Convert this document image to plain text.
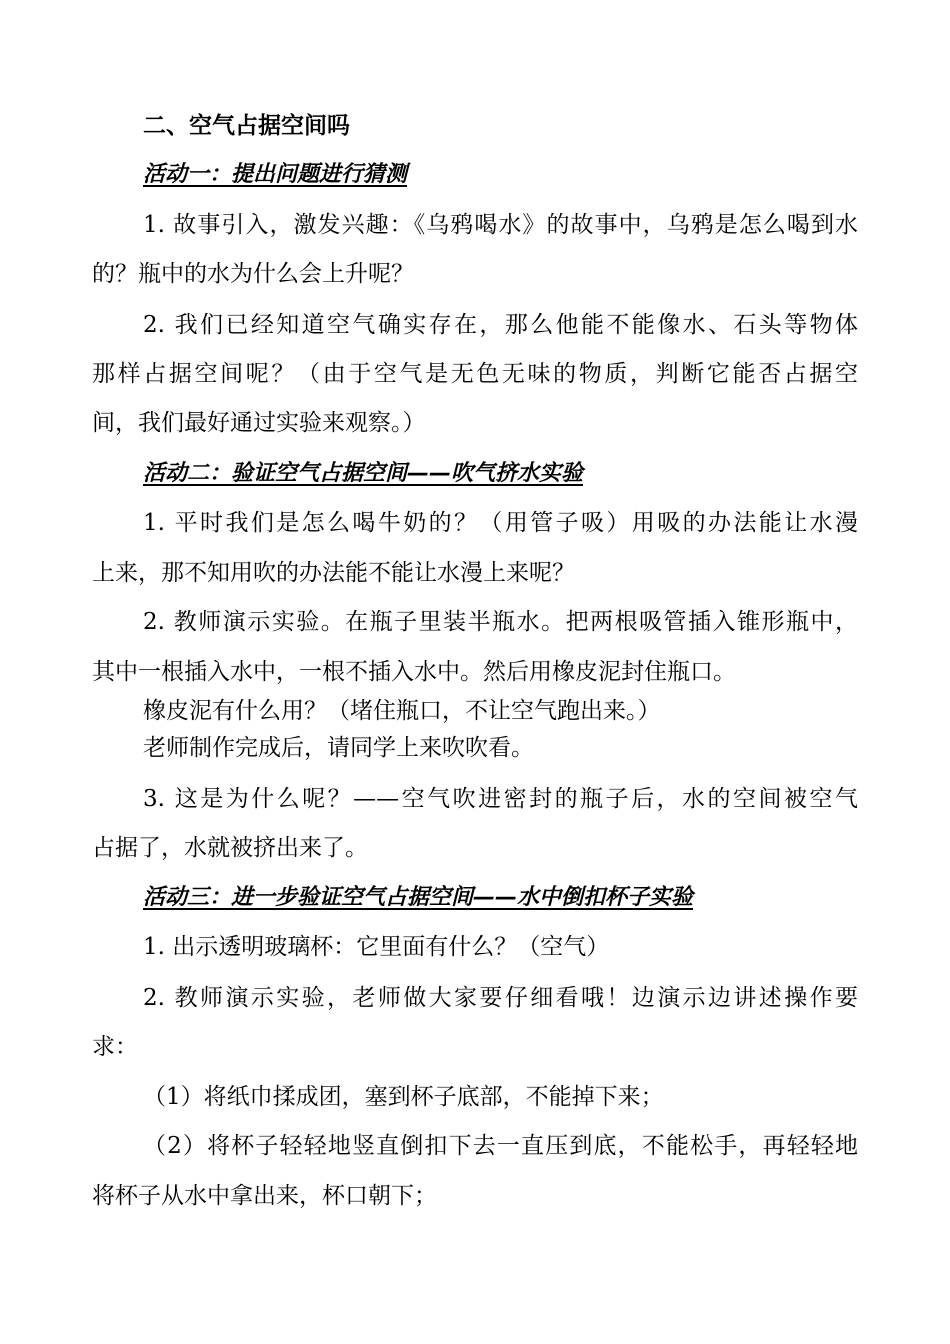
二、空气占据空间吗
活动一：提出问题进行猜测
1. 故事引入，激发兴趣：《乌鸦喝水》的故事中，乌鸦是怎么喝到水
的？瓶中的水为什么会上升呢？
2. 我们已经知道空气确实存在，那么他能不能像水、石头等物体
那样占据空间呢？（由于空气是无色无味的物质，判断它能否占据空
间，我们最好通过实验来观察。）
活动二：验证空气占据空间——吹气挤水实验
1. 平时我们是怎么喝牛奶的？（用管子吸）用吸的办法能让水漫
上来，那不知用吹的办法能不能让水漫上来呢？
2. 教师演示实验。在瓶子里装半瓶水。把两根吸管插入锥形瓶中，
其中一根插入水中，一根不插入水中。然后用橡皮泥封住瓶口。
橡皮泥有什么用？（堵住瓶口，不让空气跑出来。）
老师制作完成后，请同学上来吹吹看。
3. 这是为什么呢？——空气吹进密封的瓶子后，水的空间被空气
占据了，水就被挤出来了。
活动三：进一步验证空气占据空间——水中倒扣杯子实验
1. 出示透明玻璃杯：它里面有什么？（空气）
2. 教师演示实验，老师做大家要仔细看哦！边演示边讲述操作要
求：
（1）将纸巾揉成团，塞到杯子底部，不能掉下来；
（2）将杯子轻轻地竖直倒扣下去一直压到底，不能松手，再轻轻地
将杯子从水中拿出来，杯口朝下；
